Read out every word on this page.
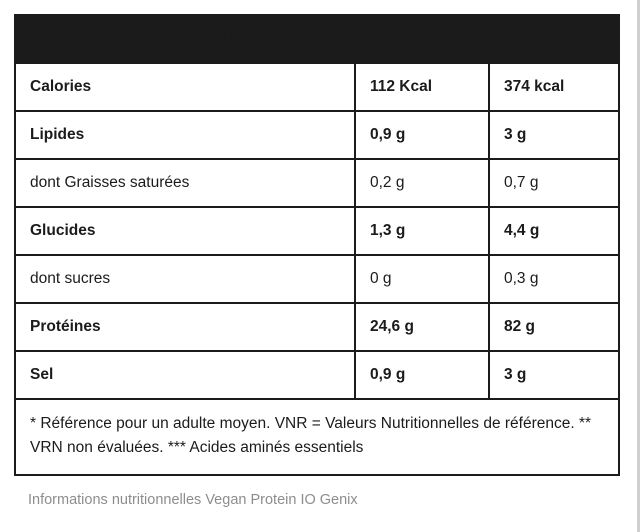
VALEURS NUTRITIONNELLES	Pour 30 g	Pour 100g
Calories	112 Kcal	374 kcal
Lipides	0,9 g	3 g
dont Graisses saturées	0,2 g	0,7 g
Glucides	1,3 g	4,4 g
dont sucres	0 g	0,3 g
Protéines	24,6 g	82 g
Sel	0,9 g	3 g
* Référence pour un adulte moyen. VNR = Valeurs Nutritionnelles de référence. ** VRN non évaluées. *** Acides aminés essentiels		
Informations nutritionnelles Vegan Protein IO Genix
